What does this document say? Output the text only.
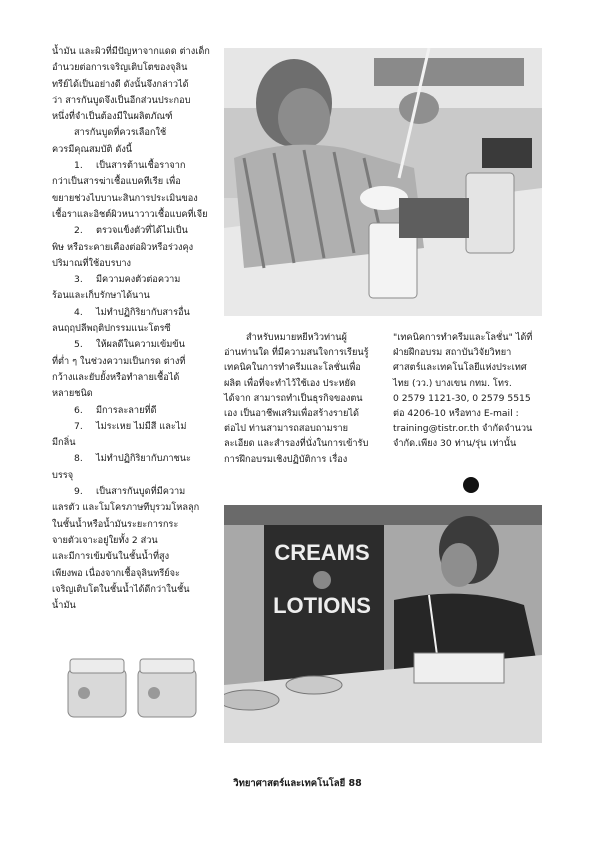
น้ำมัน และผิวที่มีปัญหาจากแดด ต่างเด็ก
อำนวยต่อการเจริญเติบโตของจุลิน
ทรีย์ได้เป็นอย่างดี ดังนั้นจึงกล่าวได้
ว่า สารกันบูดจึงเป็นอีกส่วนประกอบ
หนึ่งที่จำเป็นต้องมีในผลิตภัณฑ์

สารกันบูดที่ควรเลือกใช้
ควรมีคุณสมบัติ ดังนี้

1. เป็นสารต้านเชื้อราจาก
กว่าเป็นสารฆ่าเชื้อแบคทีเรีย เพื่อ
ขยายช่วงไบบานะสินการประเมินของ
เชื้อราและอิชต์ผิวหนาวาวเชื้อแบคที่เจีย

2. ตรวจแข็งตัวที่ได้ไม่เป็น
พิษ หรือระคายเคืองต่อผิวหรือร่วงคุง
ปริมาณที่ใช้อบรบาง

3. มีความคงตัวต่อความ
ร้อนและเก็บรักษาได้นาน

4. ไม่ทำปฏิกิริยากับสารอื่น
ลนฤฤปลีพฤติปกรรมแนะโตรซี

5. ให้ผลดีในความเข้มข้น
ที่ต่ำ ๆ ในช่วงความเป็นกรด ต่างที่
กว้างและยับยั้งหรือทำลายเชื้อได้
หลายชนิด

6. มีการละลายที่ดี

7. ไม่ระเหย ไม่มีสี และไม่
มีกลิ่น

8. ไม่ทำปฏิกิริยากับภาชนะ
บรรจุ

9. เป็นสารกันบูดที่มีความ
แลรตัว และโมโครภาษทีบุรวมโหลลุก
ในชั้นน้ำหรือน้ำมันระยะการกระ
จายตัวเจาะอยู่ใยทั้ง 2 ส่วน
และมีการเข้มข้นในชั้นน้ำที่สูง
เพียงพอ เนื่องจากเชื้อจุลินทรีย์จะ
เจริญเติบโตในชั้นน้ำได้ดีกว่าในชั้น
น้ำมัน

สำหรับหมายหยีหวิวท่านผู้
อ่านท่านใด ที่มีความสนใจการเรียนรู้
เทคนิคในการทำครีมและโลชั่นเพื่อ
ผลิต เพื่อที่จะทำไว้ใช้เอง ประหยัด
ได้จาก สามารถทำเป็นธุรกิจของตน
เอง เป็นอาชีพเสริมเพื่อสร้างรายได้
ต่อไป ท่านสามารถสอบถามราย
ละเอียด และสำรองที่นั่งในการเข้ารับ
การฝึกอบรมเชิงปฏิบัติการ เรื่อง
"เทคนิคการทำครีมและโลชั่น" ได้ที่
ฝ่ายฝึกอบรม สถาบันวิจัยวิทยา
ศาสตร์และเทคโนโลยีแห่งประเทศ
ไทย (วว.) บางเขน กทม. โทร.
0 2579 1121-30, 0 2579 5515
ต่อ 4206-10 หรือทาง E-mail :
training@tistr.or.th จำกัดจำนวน
จำกัด.เพียง 30 ท่าน/รุ่น เท่านั้น
CREAMS
LOTIONS
วิทยาศาสตร์และเทคโนโลยี 88
